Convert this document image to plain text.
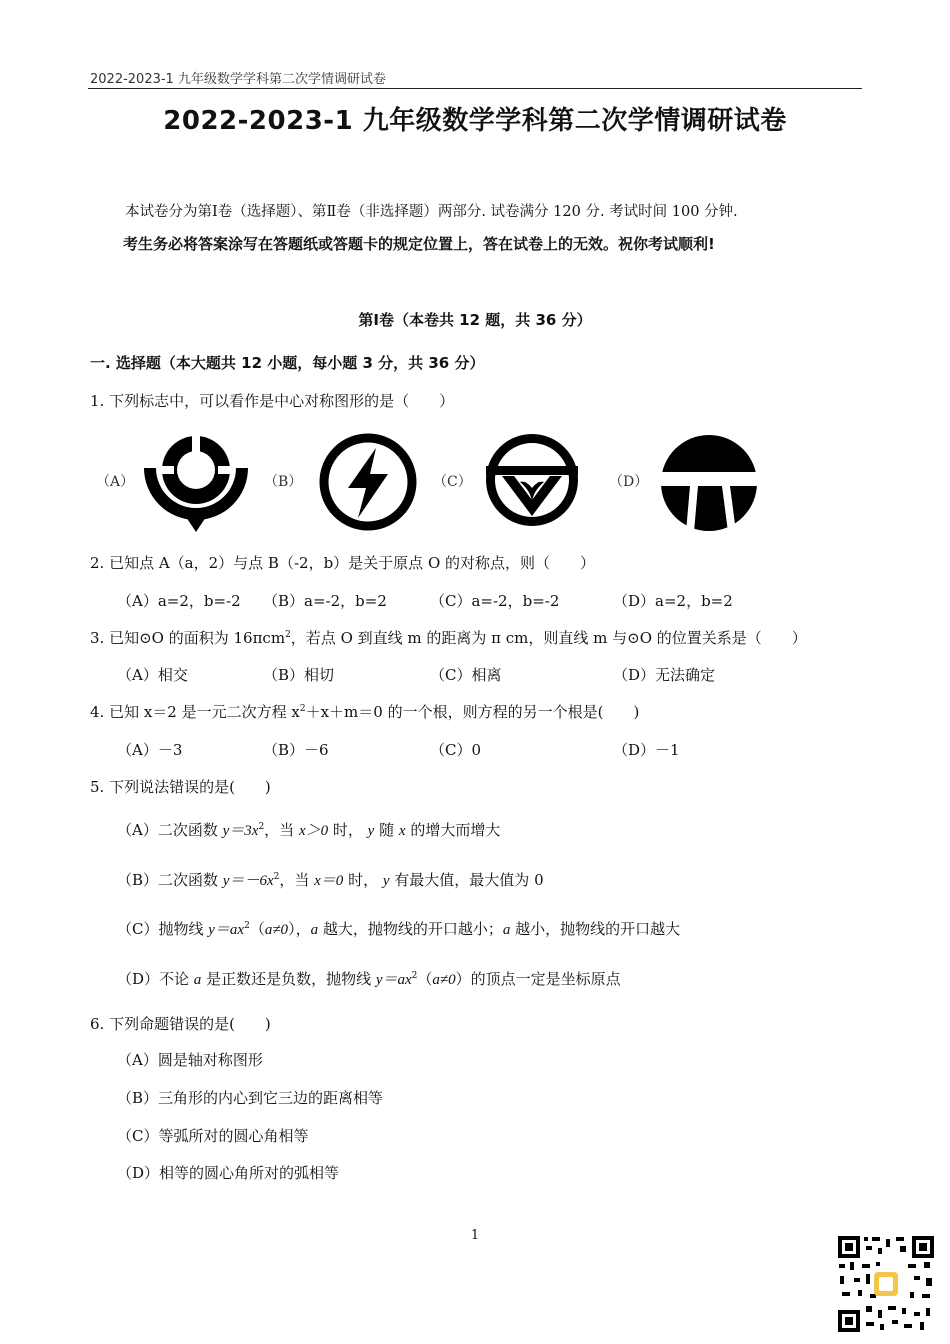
2022-2023-1 九年级数学学科第二次学情调研试卷
2022-2023-1 九年级数学学科第二次学情调研试卷
本试卷分为第Ⅰ卷（选择题）、第Ⅱ卷（非选择题）两部分. 试卷满分 120 分. 考试时间 100 分钟.
考生务必将答案涂写在答题纸或答题卡的规定位置上，答在试卷上的无效。祝你考试顺利!
第Ⅰ卷（本卷共 12 题，共 36 分）
一. 选择题（本大题共 12 小题，每小题 3 分，共 36 分）
1. 下列标志中，可以看作是中心对称图形的是（　　）
（A）	（B）	（C）	（D）
2. 已知点 A（a，2）与点 B（-2，b）是关于原点 O 的对称点，则（　　）
（A）a=2，b=-2 （B）a=-2，b=2	（C）a=-2，b=-2	（D）a=2，b=2
3. 已知⊙O 的面积为 16πcm$^2$，若点 O 到直线 m 的距离为 π cm，则直线 m 与⊙O 的位置关系是（　　）
（A）相交	（B）相切	（C）相离	（D）无法确定
4. 已知 x＝2 是一元二次方程 $x^2+x+m=0$ 的一个根，则方程的另一个根是(　　)
（A）－3	（B）－6	（C）0	（D）－1
5. 下列说法错误的是(　　)
（A）二次函数 $y=3x^2$，当 x＞0 时， y 随 x 的增大而增大
（B）二次函数 $y=-6x^2$，当 x＝0 时， y 有最大值，最大值为 0
（C）抛物线 $y=ax^2(a\ne 0)$，a 越大，抛物线的开口越小；a 越小，抛物线的开口越大
（D）不论 a 是正数还是负数，抛物线 $y=ax^2(a\ne 0)$的顶点一定是坐标原点
6. 下列命题错误的是(　　)
（A）圆是轴对称图形
（B）三角形的内心到它三边的距离相等
（C）等弧所对的圆心角相等
（D）相等的圆心角所对的弧相等
1
